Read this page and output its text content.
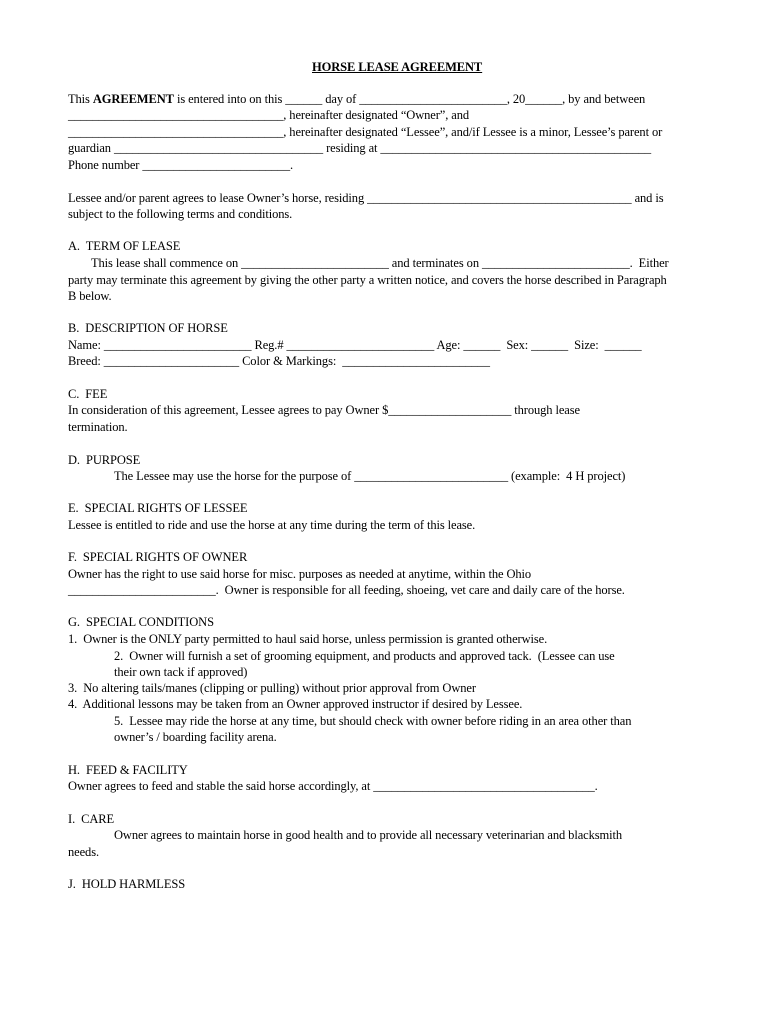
HORSE LEASE AGREEMENT
This AGREEMENT is entered into on this ______ day of ________________________, 20______, by and between
___________________________________, hereinafter designated “Owner”, and
___________________________________, hereinafter designated “Lessee”, and/if Lessee is a minor, Lessee’s parent or
guardian __________________________________ residing at ____________________________________________
Phone number ________________________.
Lessee and/or parent agrees to lease Owner’s horse, residing ___________________________________________ and is
subject to the following terms and conditions.
A.  TERM OF LEASE
This lease shall commence on ________________________ and terminates on ________________________.  Either
party may terminate this agreement by giving the other party a written notice, and covers the horse described in Paragraph
B below.
B.  DESCRIPTION OF HORSE
Name: ________________________ Reg.# ________________________ Age: ______  Sex: ______  Size:  ______
Breed: ______________________ Color & Markings:  ________________________
C.  FEE
In consideration of this agreement, Lessee agrees to pay Owner $____________________ through lease
termination.
D.  PURPOSE
The Lessee may use the horse for the purpose of _________________________ (example:  4 H project)
E.  SPECIAL RIGHTS OF LESSEE
Lessee is entitled to ride and use the horse at any time during the term of this lease.
F.  SPECIAL RIGHTS OF OWNER
Owner has the right to use said horse for misc. purposes as needed at anytime, within the Ohio
________________________.  Owner is responsible for all feeding, shoeing, vet care and daily care of the horse.
G.  SPECIAL CONDITIONS
1.  Owner is the ONLY party permitted to haul said horse, unless permission is granted otherwise.
2.  Owner will furnish a set of grooming equipment, and products and approved tack.  (Lessee can use
their own tack if approved)
3.  No altering tails/manes (clipping or pulling) without prior approval from Owner
4.  Additional lessons may be taken from an Owner approved instructor if desired by Lessee.
5.  Lessee may ride the horse at any time, but should check with owner before riding in an area other than
owner’s / boarding facility arena.
H.  FEED & FACILITY
Owner agrees to feed and stable the said horse accordingly, at ____________________________________.
I.  CARE
Owner agrees to maintain horse in good health and to provide all necessary veterinarian and blacksmith
needs.
J.  HOLD HARMLESS
